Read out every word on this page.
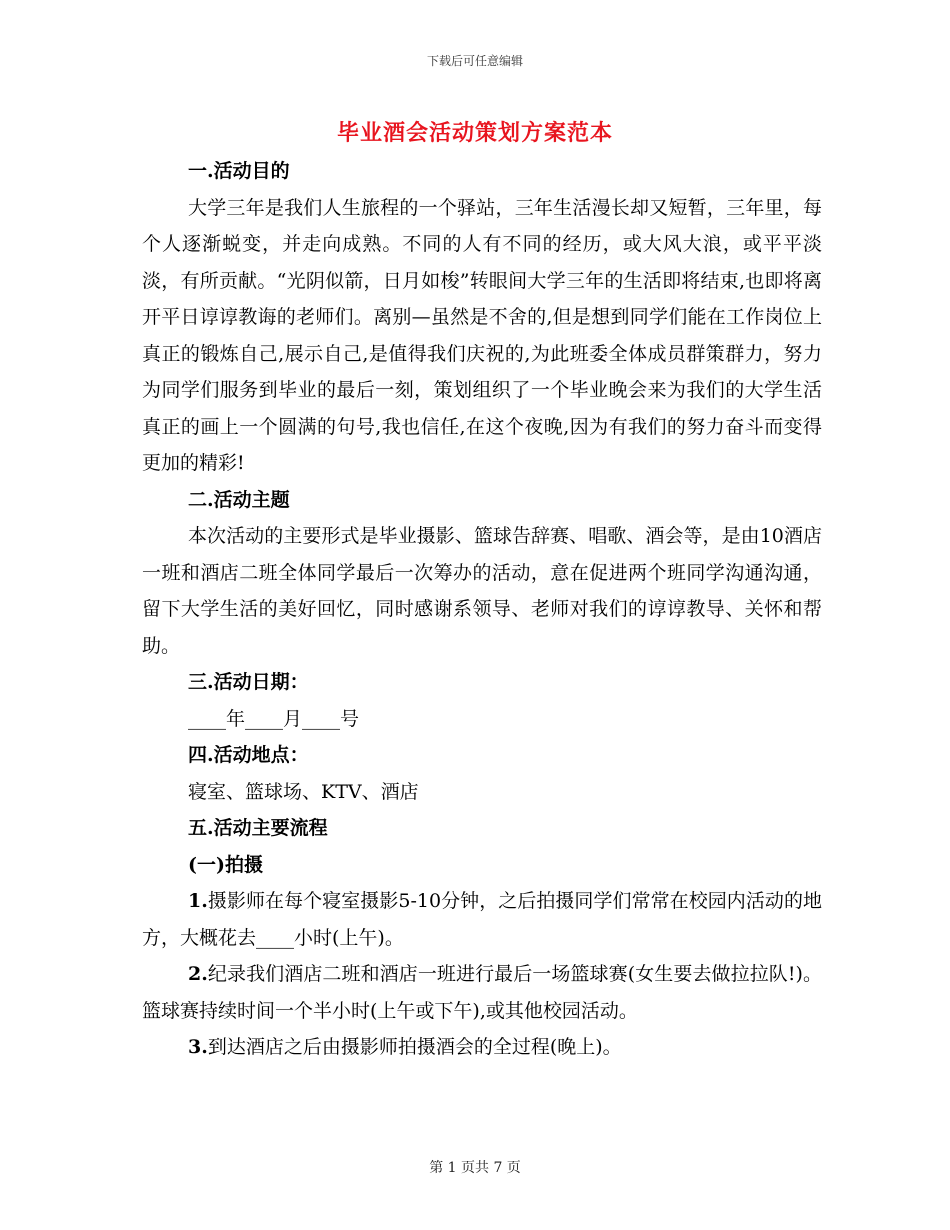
下载后可任意编辑
毕业酒会活动策划方案范本

一.活动目的

大学三年是我们人生旅程的一个驿站，三年生活漫长却又短暂，三年里，每个人逐渐蜕变，并走向成熟。不同的人有不同的经历，或大风大浪，或平平淡淡，有所贡献。“光阴似箭，日月如梭”转眼间大学三年的生活即将结束,也即将离开平日谆谆教诲的老师们。离别—虽然是不舍的,但是想到同学们能在工作岗位上真正的锻炼自己,展示自己,是值得我们庆祝的,为此班委全体成员群策群力，努力为同学们服务到毕业的最后一刻，策划组织了一个毕业晚会来为我们的大学生活真正的画上一个圆满的句号,我也信任,在这个夜晚,因为有我们的努力奋斗而变得更加的精彩!

二.活动主题

本次活动的主要形式是毕业摄影、篮球告辞赛、唱歌、酒会等，是由10酒店一班和酒店二班全体同学最后一次筹办的活动，意在促进两个班同学沟通沟通，留下大学生活的美好回忆，同时感谢系领导、老师对我们的谆谆教导、关怀和帮助。

三.活动日期：

____年____月____号

四.活动地点：

寝室、篮球场、KTV、酒店

五.活动主要流程

(一)拍摄

1.摄影师在每个寝室摄影5-10分钟，之后拍摄同学们常常在校园内活动的地方，大概花去____小时(上午)。

2.纪录我们酒店二班和酒店一班进行最后一场篮球赛(女生要去做拉拉队!)。篮球赛持续时间一个半小时(上午或下午),或其他校园活动。

3.到达酒店之后由摄影师拍摄酒会的全过程(晚上)。

第 1 页共 7 页
